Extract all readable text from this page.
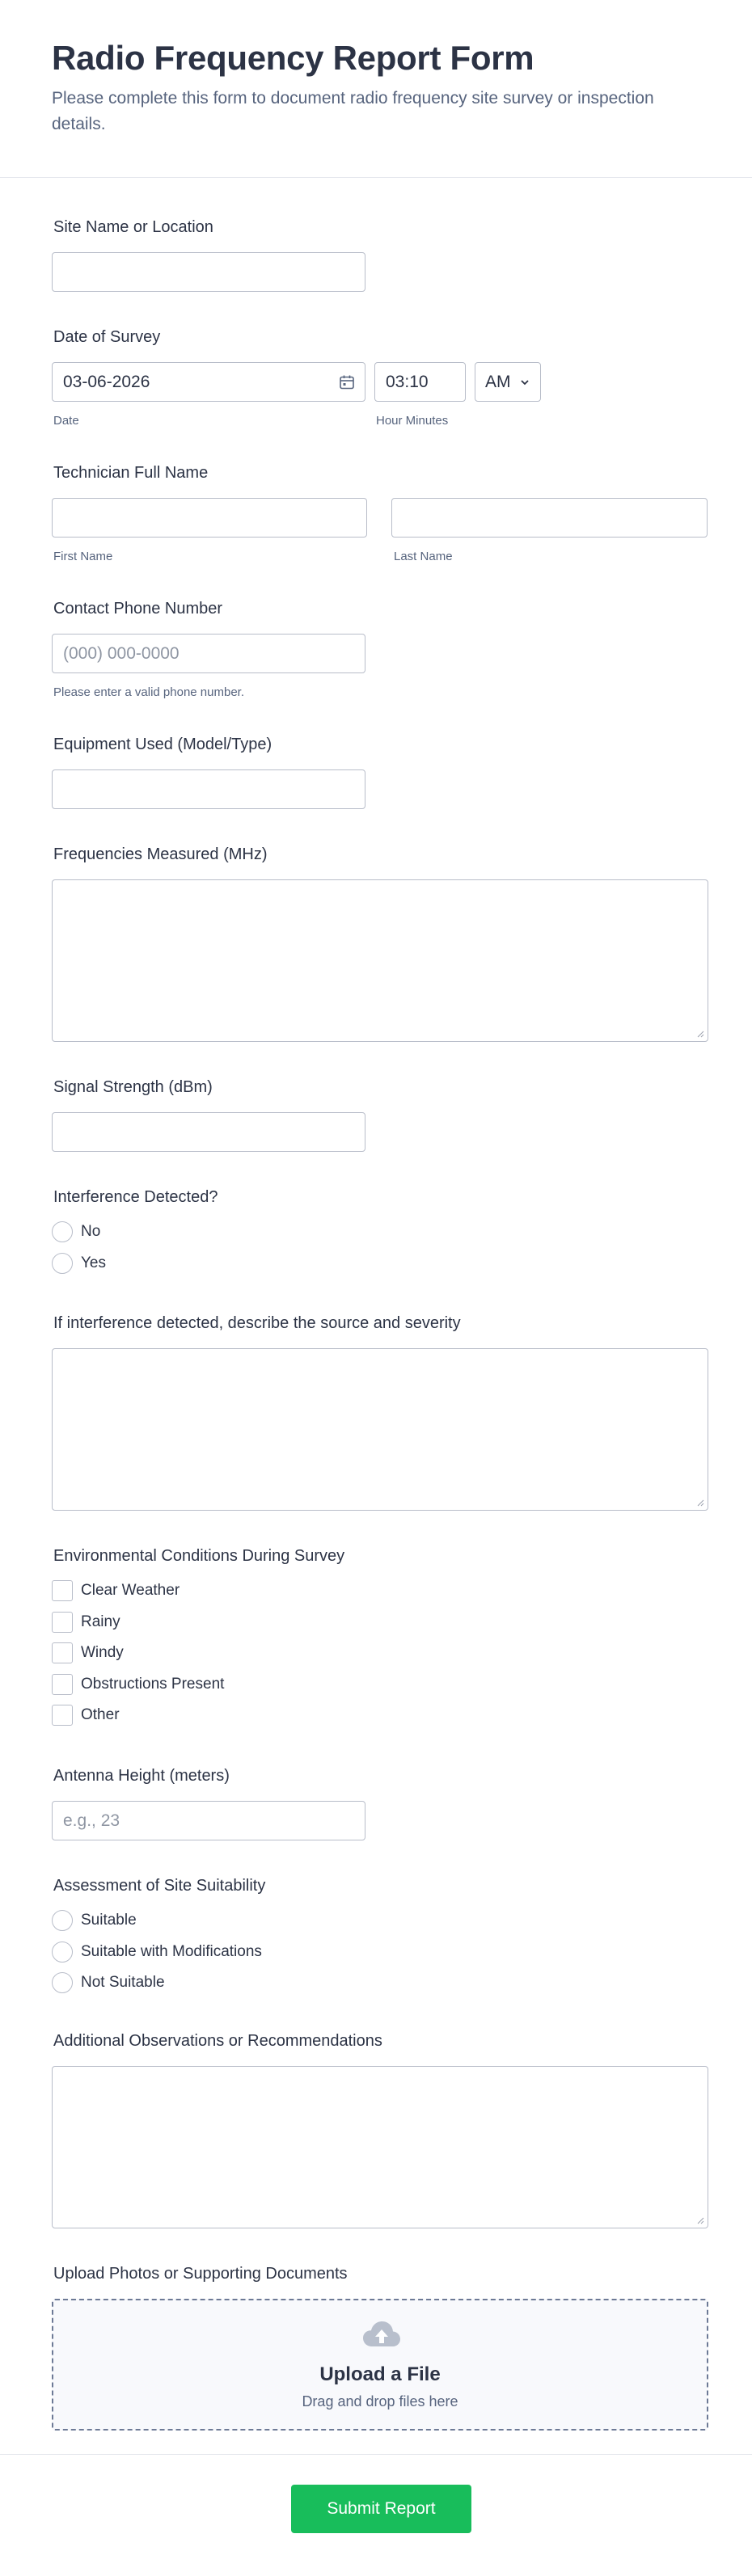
Radio Frequency Report Form
Please complete this form to document radio frequency site survey or inspection details.
Site Name or Location
Date of Survey
03-06-2026	03:10	AM
Date	Hour Minutes
Technician Full Name
First Name	Last Name
Contact Phone Number
(000) 000-0000
Please enter a valid phone number.
Equipment Used (Model/Type)
Frequencies Measured (MHz)
Signal Strength (dBm)
Interference Detected?
No
Yes
If interference detected, describe the source and severity
Environmental Conditions During Survey
Clear Weather
Rainy
Windy
Obstructions Present
Other
Antenna Height (meters)
e.g., 23
Assessment of Site Suitability
Suitable
Suitable with Modifications
Not Suitable
Additional Observations or Recommendations
Upload Photos or Supporting Documents
Upload a File
Drag and drop files here
Submit Report
